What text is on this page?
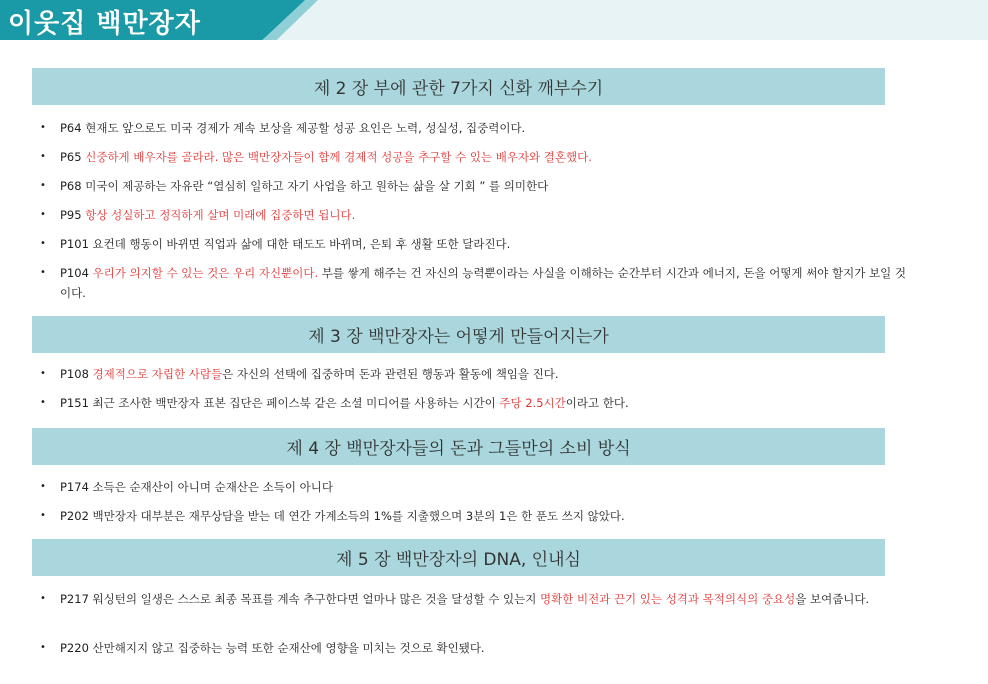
이웃집 백만장자
제 2 장 부에 관한 7가지 신화 깨부수기
• P64 현재도 앞으로도 미국 경제가 계속 보상을 제공할 성공 요인은 노력, 성실성, 집중력이다.
• P65 신중하게 배우자를 골라라. 많은 백만장자들이 함께 경제적 성공을 추구할 수 있는 배우자와 결혼했다.
• P68 미국이 제공하는 자유란 “열심히 일하고 자기 사업을 하고 원하는 삶을 살 기회 ” 를 의미한다
• P95 항상 성실하고 정직하게 살며 미래에 집중하면 됩니다.
• P101 요컨데 행동이 바뀌면 직업과 삶에 대한 태도도 바뀌며, 은퇴 후 생활 또한 달라진다.
• P104 우리가 의지할 수 있는 것은 우리 자신뿐이다. 부를 쌓게 해주는 건 자신의 능력뿐이라는 사실을 이해하는 순간부터 시간과 에너지, 돈을 어떻게 써야 할지가 보일 것이다.
제 3 장 백만장자는 어떻게 만들어지는가
• P108 경제적으로 자립한 사람들은 자신의 선택에 집중하며 돈과 관련된 행동과 활동에 책임을 진다.
• P151 최근 조사한 백만장자 표본 집단은 페이스북 같은 소셜 미디어를 사용하는 시간이 주당 2.5시간이라고 한다.
제 4 장 백만장자들의 돈과 그들만의 소비 방식
• P174 소득은 순재산이 아니며 순재산은 소득이 아니다
• P202 백만장자 대부분은 재무상담을 받는 데 연간 가계소득의 1%를 지출했으며 3분의 1은 한 푼도 쓰지 않았다.
제 5 장 백만장자의 DNA, 인내심
• P217 워싱턴의 일생은 스스로 최종 목표를 계속 추구한다면 얼마나 많은 것을 달성할 수 있는지 명확한 비전과 끈기 있는 성격과 목적의식의 중요성을 보여줍니다.
• P220 산만해지지 않고 집중하는 능력 또한 순재산에 영향을 미치는 것으로 확인됐다.
